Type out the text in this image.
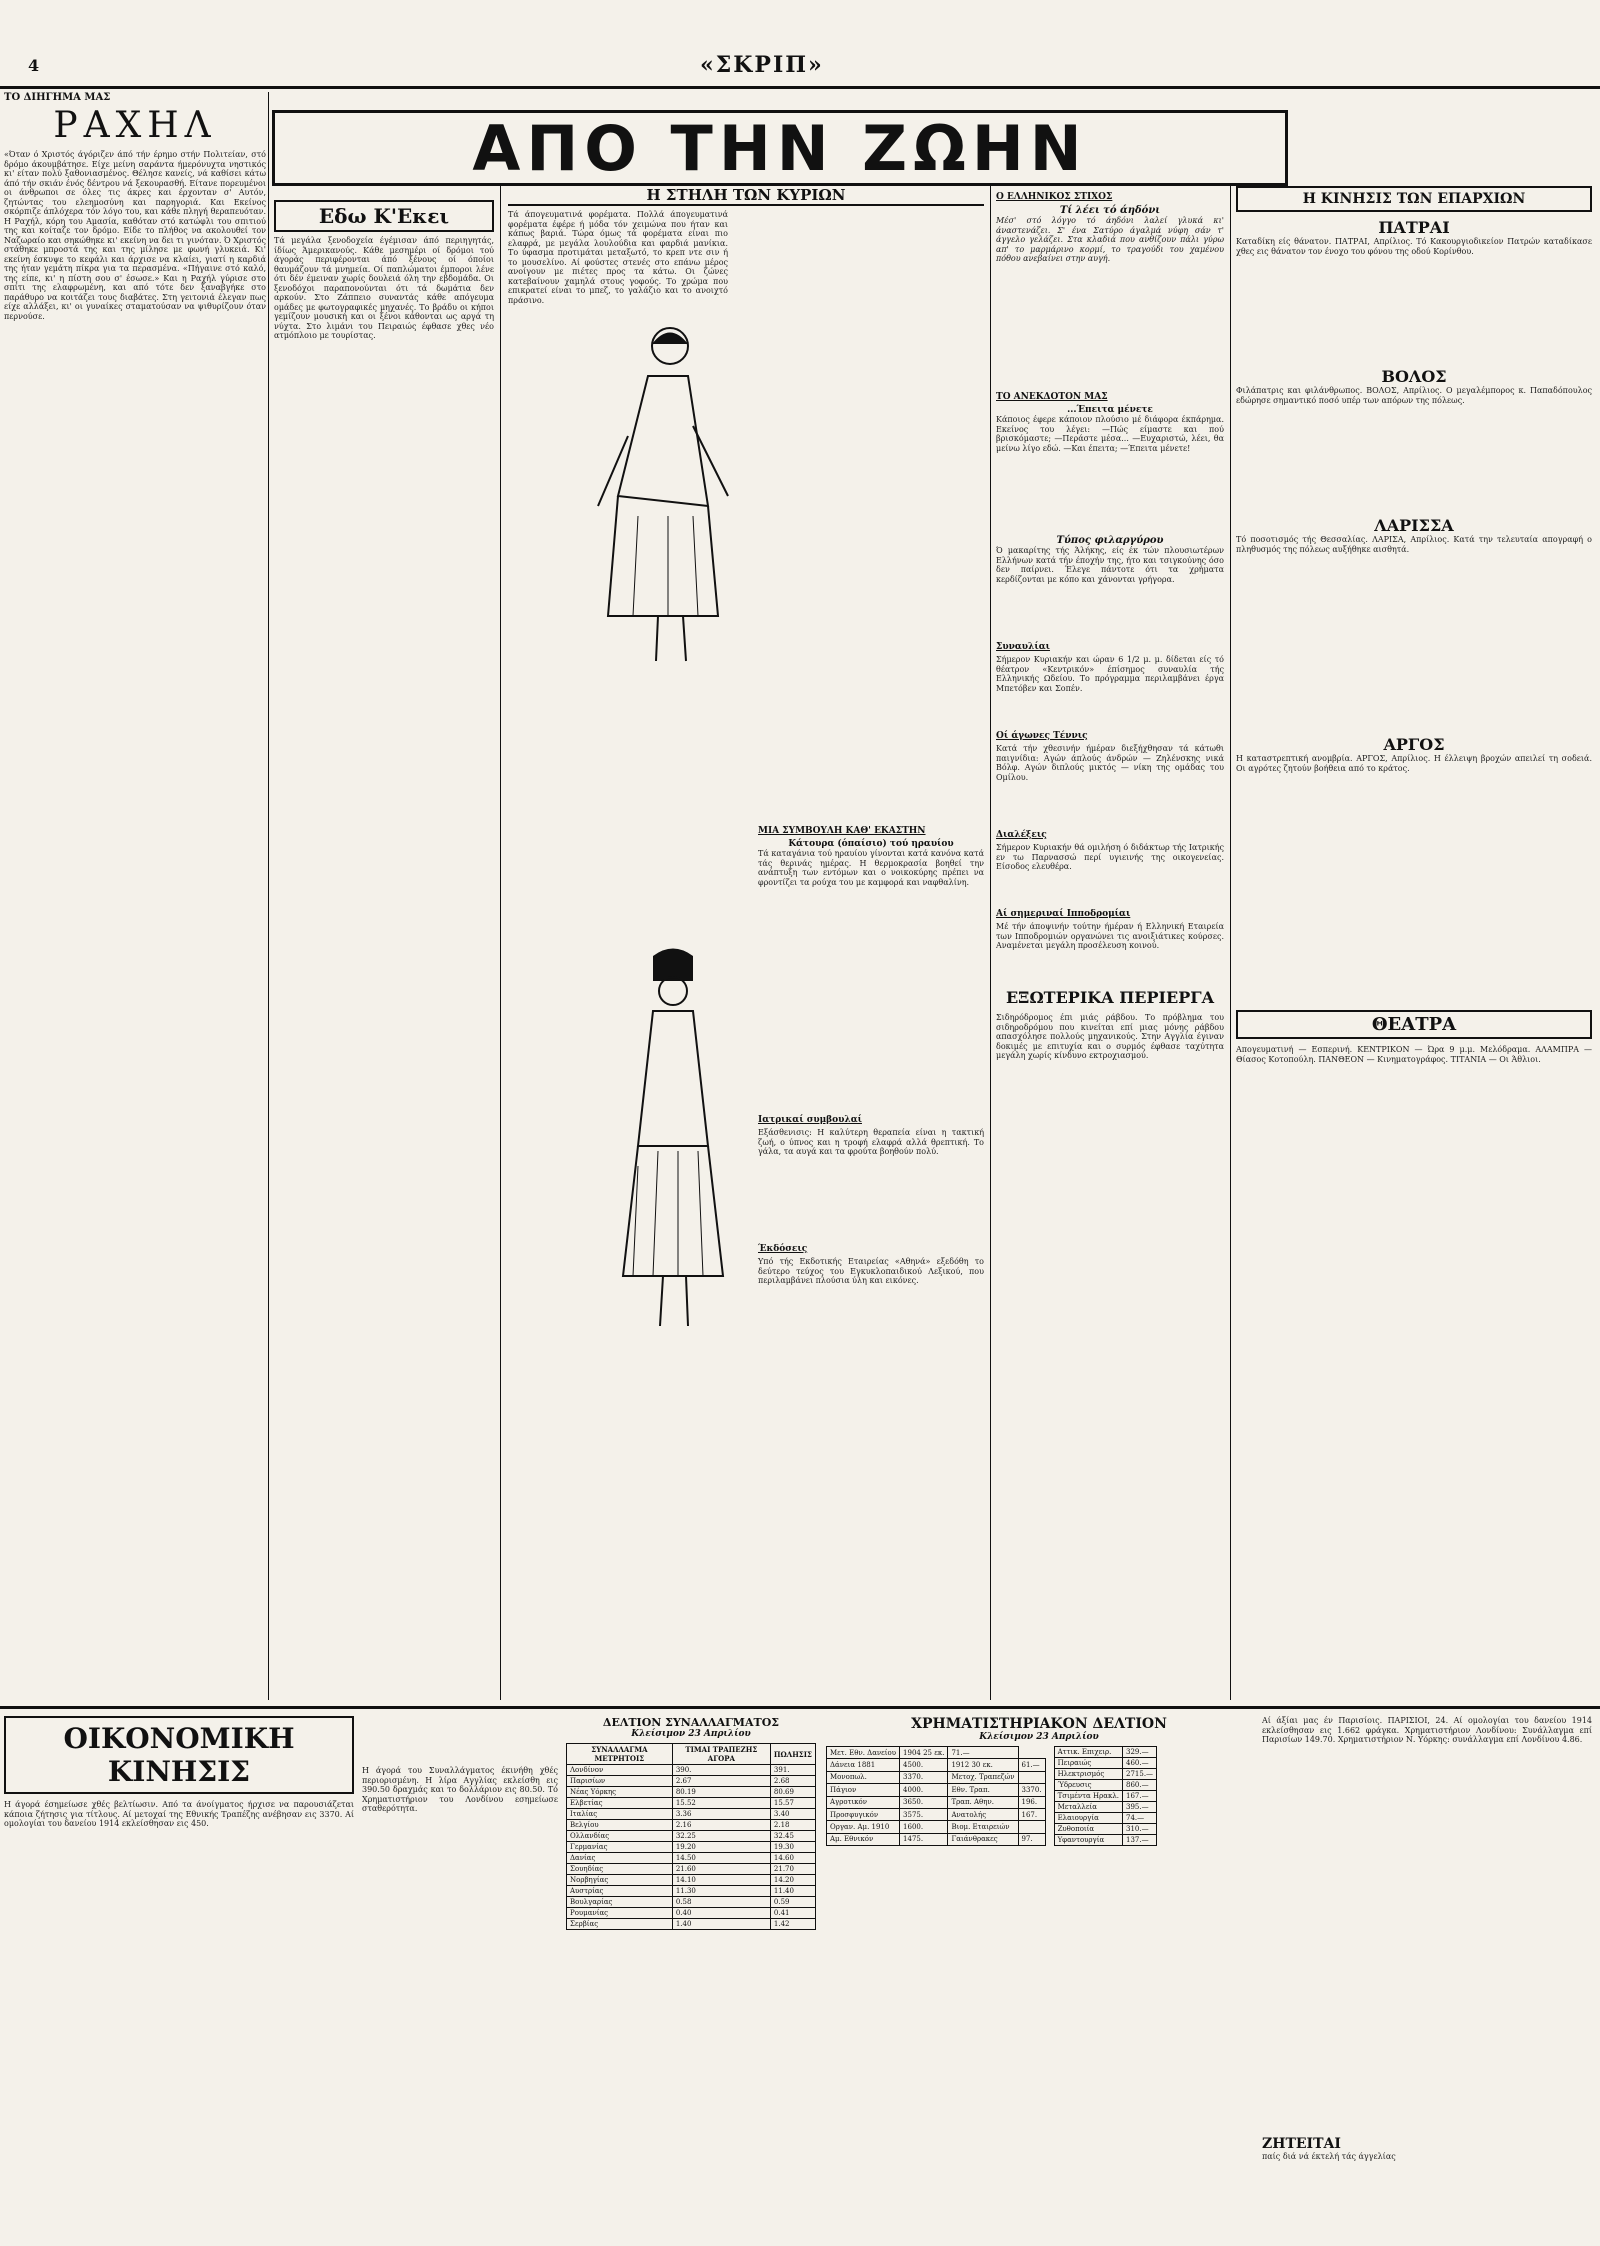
4	«ΣΚΡΙΠ»
ΤΟ ΔΙΗΓΗΜΑ ΜΑΣ
ΡΑΧΗΛ
«Όταν ό Χριστός άγόριζεν άπό τήν έρημο στήν Πολιτείαν, στό δρόμο άκουμβάτησε. Είχε μείνη σαράντα ήμερόνυχτα νηστικός κι' είταν πολύ ξαθονιασμένος. Θέλησε κανείς, νά καθίσει κάτω άπό τήν σκιάν ένός δέντρου νά ξεκουρασθή. Είτανε πορευμένοι οι άνθρωποι σε όλες τις άκρες και έρχονταν σ' Αυτόν, ζητώντας του ελεημοσύνη και παρηγοριά. Και Εκείνος σκόρπιζε άπλόχερα τόν λόγο του, και κάθε πληγή θεραπευόταν. Η Ραχήλ, κόρη του Αμασία, καθόταν στό κατώφλι του σπιτιού της και κοίταζε τον δρόμο. Είδε το πλήθος να ακολουθεί τον Ναζωραίο και σηκώθηκε κι' εκείνη να δει τι γινόταν. Ό Χριστός στάθηκε μπροστά της και της μίλησε με φωνή γλυκειά. Κι' εκείνη έσκυψε το κεφάλι και άρχισε να κλαίει, γιατί η καρδιά της ήταν γεμάτη πίκρα για τα περασμένα. «Πήγαινε στό καλό, της είπε, κι' η πίστη σου σ' έσωσε.» Και η Ραχήλ γύρισε στο σπίτι της ελαφρωμένη, και από τότε δεν ξαναβγήκε στο παράθυρο να κοιτάζει τους διαβάτες. Στη γειτονιά έλεγαν πως είχε αλλάξει, κι' οι γυναίκες σταματούσαν να ψιθυρίζουν όταν περνούσε.
ΑΠΟ ΤΗΝ ΖΩΗΝ
Εδω Κ'Εκει
Τά μεγάλα ξενοδοχεία έγέμισαν άπό περιηγητάς, ίδίως Άμερικανούς. Κάθε μεσημέρι οί δρόμοι τού άγοράς περιφέρονται άπό ξένους οί όποίοι θαυμάζουν τά μνημεία. Οί παπλώματοι έμποροι λένε ότι δέν έμειναν χωρίς δουλειά όλη την εβδομάδα. Οι ξενοδόχοι παραπονούνται ότι τά δωμάτια δεν αρκούν. Στο Ζάππειο συναντάς κάθε απόγευμα ομάδες με φωτογραφικές μηχανές. Το βράδυ οι κήποι γεμίζουν μουσική και οι ξένοι κάθονται ως αργά τη νύχτα. Στο λιμάνι του Πειραιώς έφθασε χθες νέο ατμόπλοιο με τουρίστας.
Η ΣΤΗΛΗ ΤΩΝ ΚΥΡΙΩΝ
Τά άπογευματινά φορέματα. Πολλά άπογευματινά φορέματα έφέρε ή μόδα τόν χειμώνα που ήταν και κάπως βαριά. Τώρα όμως τά φορέματα είναι πιο ελαφρά, με μεγάλα λουλούδια και φαρδιά μανίκια. Το ύφασμα προτιμάται μεταξωτό, το κρεπ ντε σιν ή το μουσελίνο. Αί φούστες στενές στο επάνω μέρος ανοίγουν με πιέτες προς τα κάτω. Οι ζώνες κατεβαίνουν χαμηλά στους γοφούς. Το χρώμα που επικρατεί είναι το μπεζ, το γαλάζιο και το ανοιχτό πράσινο.
Ο ΕΛΛΗΝΙΚΟΣ ΣΤΙΧΟΣ
Τί λέει τό άηδόνι
Μέσ' στό λόγγο τό άηδόνι λαλεί γλυκά κι' άναστενάζει. Σ' ένα Σατύρο άγαλμά νύφη σάν τ' άγγελο γελάζει. Στα κλαδιά που ανθίζουν πάλι γύρω απ' το μαρμάρινο κορμί, το τραγούδι του χαμένου πόθου ανεβαίνει στην αυγή.
ΤΟ ΑΝΕΚΔΟΤΟΝ ΜΑΣ
...Έπειτα μένετε
Κάποιος έφερε κάποιον πλούσιο μέ διάφορα έκπάρημα. Εκείνος του λέγει: —Πώς είμαστε και πού βρισκόμαστε; —Περάστε μέσα... —Ευχαριστώ, λέει, θα μείνω λίγο εδώ. —Και έπειτα; —Έπειτα μένετε!
Τύπος φιλαργύρου
Ό μακαρίτης τής Άλήκης, είς έκ τών πλουσιωτέρων Ελλήνων κατά τήν έποχήν της, ήτο και τσιγκούνης όσο δεν παίρνει. Έλεγε πάντοτε ότι τα χρήματα κερδίζονται με κόπο και χάνονται γρήγορα.
Συναυλίαι
Σήμερον Κυριακήν και ώραν 6 1/2 μ. μ. δίδεται είς τό θέατρον «Κεντρικόν» έπίσημος συναυλία τής Ελληνικής Ωδείου. Το πρόγραμμα περιλαμβάνει έργα Μπετόβεν και Σοπέν.
Οί άγωνες Τέννις
Κατά τήν χθεσινήν ήμέραν διεξήχθησαν τά κάτωθι παιγνίδια: Αγών άπλούς άνδρών — Ζηλένσκης νικά Βόλφ. Αγών διπλούς μικτός — νίκη της ομάδας του Ομίλου.
Διαλέξεις
Σήμερον Κυριακήν θά ομιλήση ό διδάκτωρ τής Ιατρικής εν τω Παρνασσώ περί υγιεινής της οικογενείας. Είσοδος ελευθέρα.
Αί σημεριναί Ιπποδρομίαι
Μέ τήν άποψινήν τούτην ήμέραν ή Ελληνική Εταιρεία των Ιπποδρομιών οργανώνει τις ανοιξιάτικες κούρσες. Αναμένεται μεγάλη προσέλευση κοινού.
ΕΞΩΤΕΡΙΚΑ ΠΕΡΙΕΡΓΑ
Σιδηρόδρομος έπι μιάς ράβδου. Το πρόβλημα του σιδηροδρόμου που κινείται επί μιας μόνης ράβδου απασχόλησε πολλούς μηχανικούς. Στην Αγγλία έγιναν δοκιμές με επιτυχία και ο συρμός έφθασε ταχύτητα μεγάλη χωρίς κίνδυνο εκτροχιασμού.
ΜΙΑ ΣΥΜΒΟΥΛΗ ΚΑΘ' ΕΚΑΣΤΗΝ
Κάτουρα (όπαίσιο) τού ηραυίου
Τά καταγάνια τού ηραυίου γίνονται κατά κανόνα κατά τάς θερινάς ημέρας. Η θερμοκρασία βοηθεί την ανάπτυξη των εντόμων και ο νοικοκύρης πρέπει να φροντίζει τα ρούχα του με καμφορά και ναφθαλίνη.
Ιατρικαί συμβουλαί
Εξάσθενισις: Η καλύτερη θεραπεία είναι η τακτική ζωή, ο ύπνος και η τροφή ελαφρά αλλά θρεπτική. Το γάλα, τα αυγά και τα φρούτα βοηθούν πολύ.
Έκδόσεις
Υπό τής Εκδοτικής Εταιρείας «Αθηνά» εξεδόθη το δεύτερο τεύχος του Εγκυκλοπαιδικού Λεξικού, που περιλαμβάνει πλούσια ύλη και εικόνες.
Η ΚΙΝΗΣΙΣ ΤΩΝ ΕΠΑΡΧΙΩΝ
ΠΑΤΡΑΙ
Καταδίκη είς θάνατον. ΠΑΤΡΑΙ, Απρίλιος. Τό Κακουργιοδικείον Πατρών καταδίκασε χθες εις θάνατον τον ένοχο του φόνου της οδού Κορίνθου.
ΒΟΛΟΣ
Φιλάπατρις και φιλάνθρωπος. ΒΟΛΟΣ, Απρίλιος. Ο μεγαλέμπορος κ. Παπαδόπουλος εδώρησε σημαντικό ποσό υπέρ των απόρων της πόλεως.
ΛΑΡΙΣΣΑ
Τό ποσοτισμός τής Θεσσαλίας. ΛΑΡΙΣΑ, Απρίλιος. Κατά την τελευταία απογραφή ο πληθυσμός της πόλεως αυξήθηκε αισθητά.
ΑΡΓΟΣ
Η καταστρεπτική ανομβρία. ΑΡΓΟΣ, Απρίλιος. Η έλλειψη βροχών απειλεί τη σοδειά. Οι αγρότες ζητούν βοήθεια από το κράτος.
ΘΕΑΤΡΑ
Απογευματινή — Εσπερινή. ΚΕΝΤΡΙΚΟΝ — Ώρα 9 μ.μ. Μελόδραμα. ΑΛΑΜΠΡΑ — Θίασος Κοτοπούλη. ΠΑΝΘΕΟΝ — Κινηματογράφος. ΤΙΤΑΝΙΑ — Οι Άθλιοι.
ΟΙΚΟΝΟΜΙΚΗ ΚΙΝΗΣΙΣ
Η άγορά έσημείωσε χθές βελτίωσιν. Από τα άνοίγματος ήρχισε να παρουσιάζεται κάποια ζήτησις για τίτλους. Αί μετοχαί της Εθνικής Τραπέζης ανέβησαν εις 3370. Αί ομολογίαι του δανείου 1914 εκλείσθησαν εις 450.
Η άγορά του Συναλλάγματος έκινήθη χθές περιορισμένη. Η λίρα Αγγλίας εκλείσθη εις 390.50 δραχμάς και το δολλάριον εις 80.50. Τό Χρηματιστήριον του Λονδίνου εσημείωσε σταθερότητα.
ΔΕΛΤΙΟΝ ΣΥΝΑΛΛΑΓΜΑΤΟΣ
Κλείσιμον 23 Απριλίου
ΣΥΝΑΛΛΑΓΜΑ ΜΕΤΡΗΤΟΙΣ	ΤΙΜΑΙ ΤΡΑΠΕΖΗΣ ΑΓΟΡΑ	ΠΩΛΗΣΙΣ
Λονδίνον	390.	391.
Παρισίων	2.67	2.68
Νέας Υόρκης	80.19	80.69
Ελβετίας	15.52	15.57
Ιταλίας	3.36	3.40
Βελγίου	2.16	2.18
Ολλανδίας	32.25	32.45
Γερμανίας	19.20	19.30
Δανίας	14.50	14.60
Σουηδίας	21.60	21.70
Νορβηγίας	14.10	14.20
Αυστρίας	11.30	11.40
Βουλγαρίας	0.58	0.59
Ρουμανίας	0.40	0.41
Σερβίας	1.40	1.42
ΧΡΗΜΑΤΙΣΤΗΡΙΑΚΟΝ ΔΕΛΤΙΟΝ
Κλείσιμον 23 Απριλίου
Μετ. Εθν. Δανείου	1904 25 εκ.	71.—	
Δάνεια 1881	4500.	1912 30 εκ.	61.—
Μονοπωλ.	3370.	Μετοχ. Τραπεζών	
Πάγιον	4000.	Εθν. Τραπ.	3370.
Αγροτικόν	3650.	Τραπ. Αθην.	196.
Προσφυγικόν	3575.	Ανατολής	167.
Οργαν. Αμ. 1910	1600.	Βιομ. Εταιρειών	
Αμ. Εθνικόν	1475.	Γαιάνθρακες	97.
Αττικ. Επιχειρ.	329.—
Πειραιώς	460.—
Ηλεκτρισμός	2715.—
Ύδρευσις	860.—
Τσιμέντα Ηρακλ.	167.—
Μεταλλεία	395.—
Ελαιουργία	74.—
Ζυθοποιία	310.—
Υφαντουργία	137.—
Αί άξίαι μας έν Παρισίοις. ΠΑΡΙΣΙΟΙ, 24. Αί ομολογίαι του δανείου 1914 εκλείσθησαν εις 1.662 φράγκα. Χρηματιστήριον Λονδίνου: Συνάλλαγμα επί Παρισίων 149.70. Χρηματιστήριον Ν. Υόρκης: συνάλλαγμα επί Λονδίνου 4.86.
ΖΗΤΕΙΤΑΙ
παίς διά νά έκτελή τάς άγγελίας
